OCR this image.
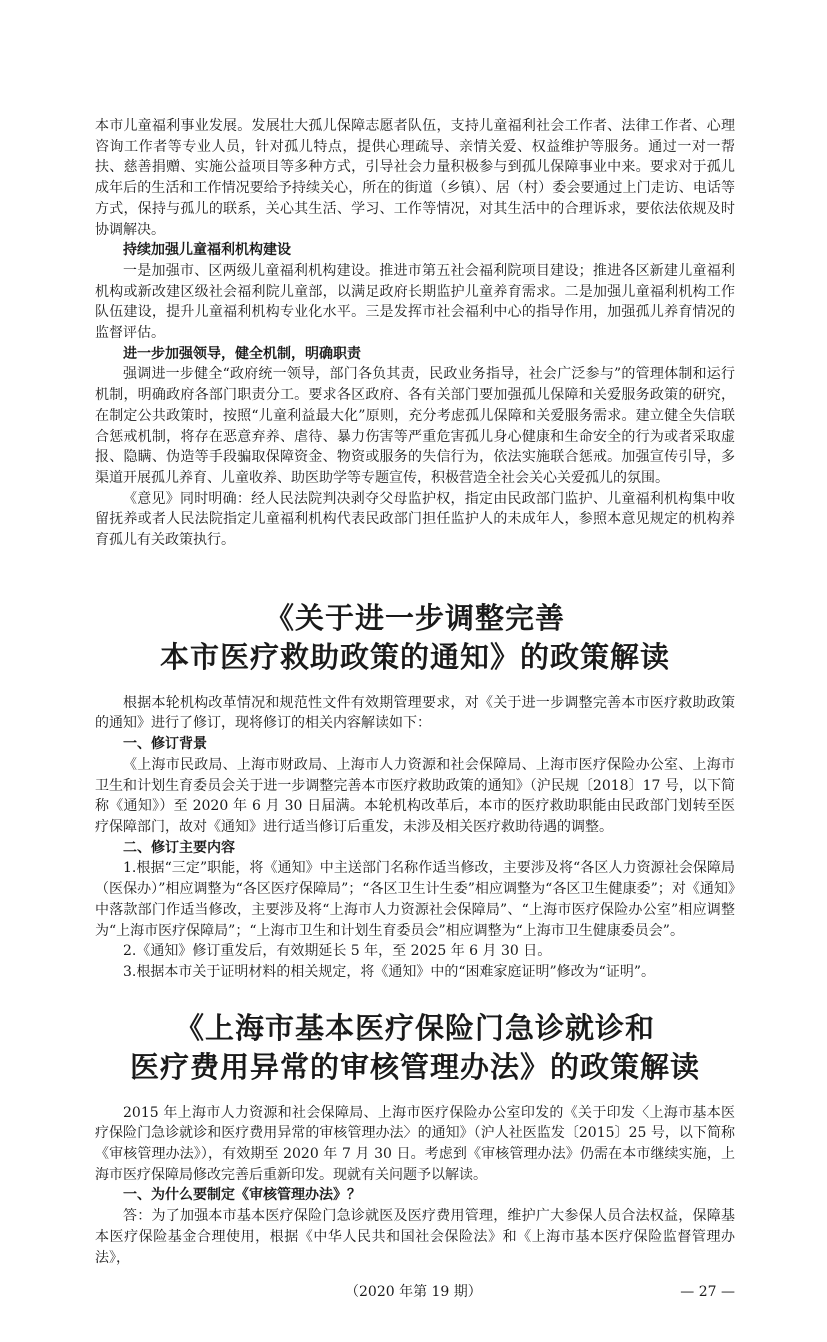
本市儿童福利事业发展。发展壮大孤儿保障志愿者队伍，支持儿童福利社会工作者、法律工作者、心理咨询工作者等专业人员，针对孤儿特点，提供心理疏导、亲情关爱、权益维护等服务。通过一对一帮扶、慈善捐赠、实施公益项目等多种方式，引导社会力量积极参与到孤儿保障事业中来。要求对于孤儿成年后的生活和工作情况要给予持续关心，所在的街道（乡镇）、居（村）委会要通过上门走访、电话等方式，保持与孤儿的联系，关心其生活、学习、工作等情况，对其生活中的合理诉求，要依法依规及时协调解决。

持续加强儿童福利机构建设

一是加强市、区两级儿童福利机构建设。推进市第五社会福利院项目建设；推进各区新建儿童福利机构或新改建区级社会福利院儿童部，以满足政府长期监护儿童养育需求。二是加强儿童福利机构工作队伍建设，提升儿童福利机构专业化水平。三是发挥市社会福利中心的指导作用，加强孤儿养育情况的监督评估。

进一步加强领导，健全机制，明确职责

强调进一步健全“政府统一领导，部门各负其责，民政业务指导，社会广泛参与”的管理体制和运行机制，明确政府各部门职责分工。要求各区政府、各有关部门要加强孤儿保障和关爱服务政策的研究，在制定公共政策时，按照“儿童利益最大化”原则，充分考虑孤儿保障和关爱服务需求。建立健全失信联合惩戒机制，将存在恶意弃养、虐待、暴力伤害等严重危害孤儿身心健康和生命安全的行为或者采取虚报、隐瞒、伪造等手段骗取保障资金、物资或服务的失信行为，依法实施联合惩戒。加强宣传引导，多渠道开展孤儿养育、儿童收养、助医助学等专题宣传，积极营造全社会关心关爱孤儿的氛围。

《意见》同时明确：经人民法院判决剥夺父母监护权，指定由民政部门监护、儿童福利机构集中收留抚养或者人民法院指定儿童福利机构代表民政部门担任监护人的未成年人，参照本意见规定的机构养育孤儿有关政策执行。

《关于进一步调整完善
本市医疗救助政策的通知》的政策解读

根据本轮机构改革情况和规范性文件有效期管理要求，对《关于进一步调整完善本市医疗救助政策的通知》进行了修订，现将修订的相关内容解读如下：

一、修订背景

《上海市民政局、上海市财政局、上海市人力资源和社会保障局、上海市医疗保险办公室、上海市卫生和计划生育委员会关于进一步调整完善本市医疗救助政策的通知》（沪民规〔2018〕17 号，以下简称《通知》）至 2020 年 6 月 30 日届满。本轮机构改革后，本市的医疗救助职能由民政部门划转至医疗保障部门，故对《通知》进行适当修订后重发，未涉及相关医疗救助待遇的调整。

二、修订主要内容

1.根据“三定”职能，将《通知》中主送部门名称作适当修改，主要涉及将“各区人力资源社会保障局（医保办）”相应调整为“各区医疗保障局”；“各区卫生计生委”相应调整为“各区卫生健康委”；对《通知》中落款部门作适当修改，主要涉及将“上海市人力资源社会保障局”、“上海市医疗保险办公室”相应调整为“上海市医疗保障局”；“上海市卫生和计划生育委员会”相应调整为“上海市卫生健康委员会”。

2.《通知》修订重发后，有效期延长 5 年，至 2025 年 6 月 30 日。

3.根据本市关于证明材料的相关规定，将《通知》中的“困难家庭证明”修改为“证明”。

《上海市基本医疗保险门急诊就诊和
医疗费用异常的审核管理办法》的政策解读

2015 年上海市人力资源和社会保障局、上海市医疗保险办公室印发的《关于印发〈上海市基本医疗保险门急诊就诊和医疗费用异常的审核管理办法〉的通知》（沪人社医监发〔2015〕25 号，以下简称《审核管理办法》），有效期至 2020 年 7 月 30 日。考虑到《审核管理办法》仍需在本市继续实施，上海市医疗保障局修改完善后重新印发。现就有关问题予以解读。

一、为什么要制定《审核管理办法》？

答：为了加强本市基本医疗保险门急诊就医及医疗费用管理，维护广大参保人员合法权益，保障基本医疗保险基金合理使用，根据《中华人民共和国社会保险法》和《上海市基本医疗保险监督管理办法》，

（2020 年第 19 期）	— 27 —
